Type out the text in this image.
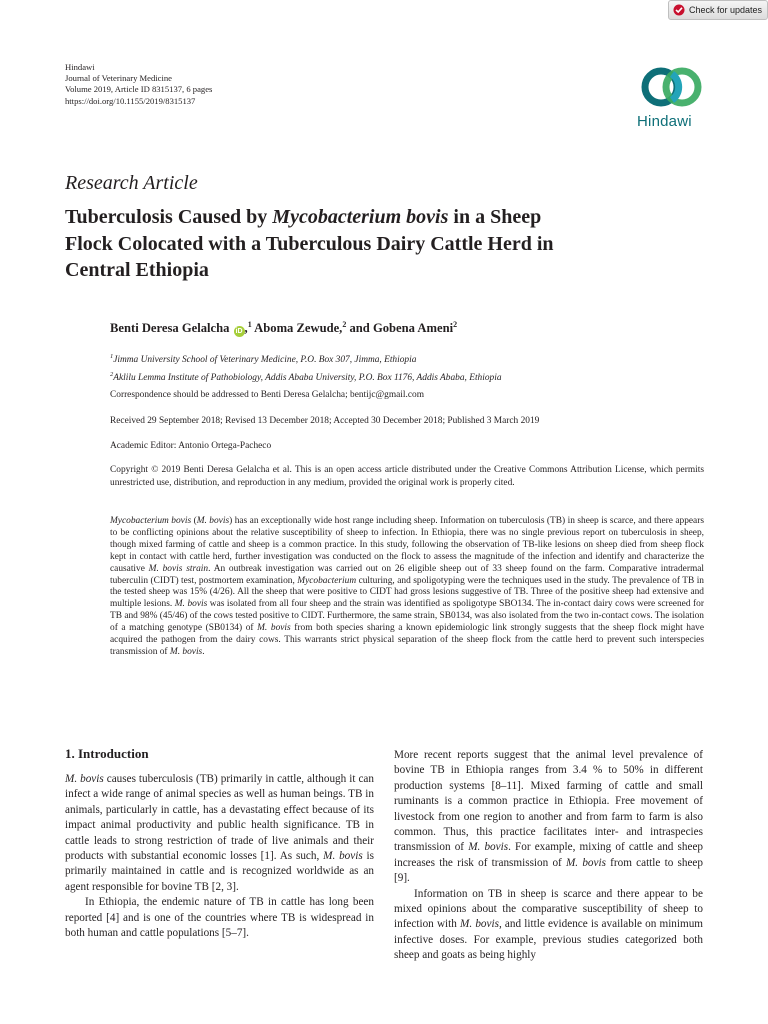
Check for updates
Hindawi
Journal of Veterinary Medicine
Volume 2019, Article ID 8315137, 6 pages
https://doi.org/10.1155/2019/8315137
Hindawi
Research Article
Tuberculosis Caused by Mycobacterium bovis in a Sheep Flock Colocated with a Tuberculous Dairy Cattle Herd in Central Ethiopia
Benti Deresa Gelalcha iD ,$^1$ Aboma Zewude,$^2$ and Gobena Ameni$^2$
$^1$Jimma University School of Veterinary Medicine, P.O. Box 307, Jimma, Ethiopia
$^2$Aklilu Lemma Institute of Pathobiology, Addis Ababa University, P.O. Box 1176, Addis Ababa, Ethiopia
Correspondence should be addressed to Benti Deresa Gelalcha; bentijc@gmail.com
Received 29 September 2018; Revised 13 December 2018; Accepted 30 December 2018; Published 3 March 2019
Academic Editor: Antonio Ortega-Pacheco
Copyright © 2019 Benti Deresa Gelalcha et al. This is an open access article distributed under the Creative Commons Attribution License, which permits unrestricted use, distribution, and reproduction in any medium, provided the original work is properly cited.
Mycobacterium bovis (M. bovis) has an exceptionally wide host range including sheep. Information on tuberculosis (TB) in sheep is scarce, and there appears to be conflicting opinions about the relative susceptibility of sheep to infection. In Ethiopia, there was no single previous report on tuberculosis in sheep, though mixed farming of cattle and sheep is a common practice. In this study, following the observation of TB-like lesions on sheep died from sheep flock kept in contact with cattle herd, further investigation was conducted on the flock to assess the magnitude of the infection and identify and characterize the causative M. bovis strain. An outbreak investigation was carried out on 26 eligible sheep out of 33 sheep found on the farm. Comparative intradermal tuberculin (CIDT) test, postmortem examination, Mycobacterium culturing, and spoligotyping were the techniques used in the study. The prevalence of TB in the tested sheep was 15% (4/26). All the sheep that were positive to CIDT had gross lesions suggestive of TB. Three of the positive sheep had extensive and multiple lesions. M. bovis was isolated from all four sheep and the strain was identified as spoligotype SBO134. The in-contact dairy cows were screened for TB and 98% (45/46) of the cows tested positive to CIDT. Furthermore, the same strain, SB0134, was also isolated from the two in-contact cows. The isolation of a matching genotype (SB0134) of M. bovis from both species sharing a known epidemiologic link strongly suggests that the sheep flock might have acquired the pathogen from the dairy cows. This warrants strict physical separation of the sheep flock from the cattle herd to prevent such interspecies transmission of M. bovis.
1. Introduction

M. bovis causes tuberculosis (TB) primarily in cattle, although it can infect a wide range of animal species as well as human beings. TB in animals, particularly in cattle, has a devastating effect because of its impact animal productivity and public health significance. TB in cattle leads to strong restriction of trade of live animals and their products with substantial economic losses [1]. As such, M. bovis is primarily maintained in cattle and is recognized worldwide as an agent responsible for bovine TB [2, 3].

In Ethiopia, the endemic nature of TB in cattle has long been reported [4] and is one of the countries where TB is widespread in both human and cattle populations [5–7].

More recent reports suggest that the animal level prevalence of bovine TB in Ethiopia ranges from 3.4 % to 50% in different production systems [8–11]. Mixed farming of cattle and small ruminants is a common practice in Ethiopia. Free movement of livestock from one region to another and from farm to farm is also common. Thus, this practice facilitates inter- and intraspecies transmission of M. bovis. For example, mixing of cattle and sheep increases the risk of transmission of M. bovis from cattle to sheep [9].

Information on TB in sheep is scarce and there appear to be mixed opinions about the comparative susceptibility of sheep to infection with M. bovis, and little evidence is available on minimum infective doses. For example, previous studies categorized both sheep and goats as being highly
